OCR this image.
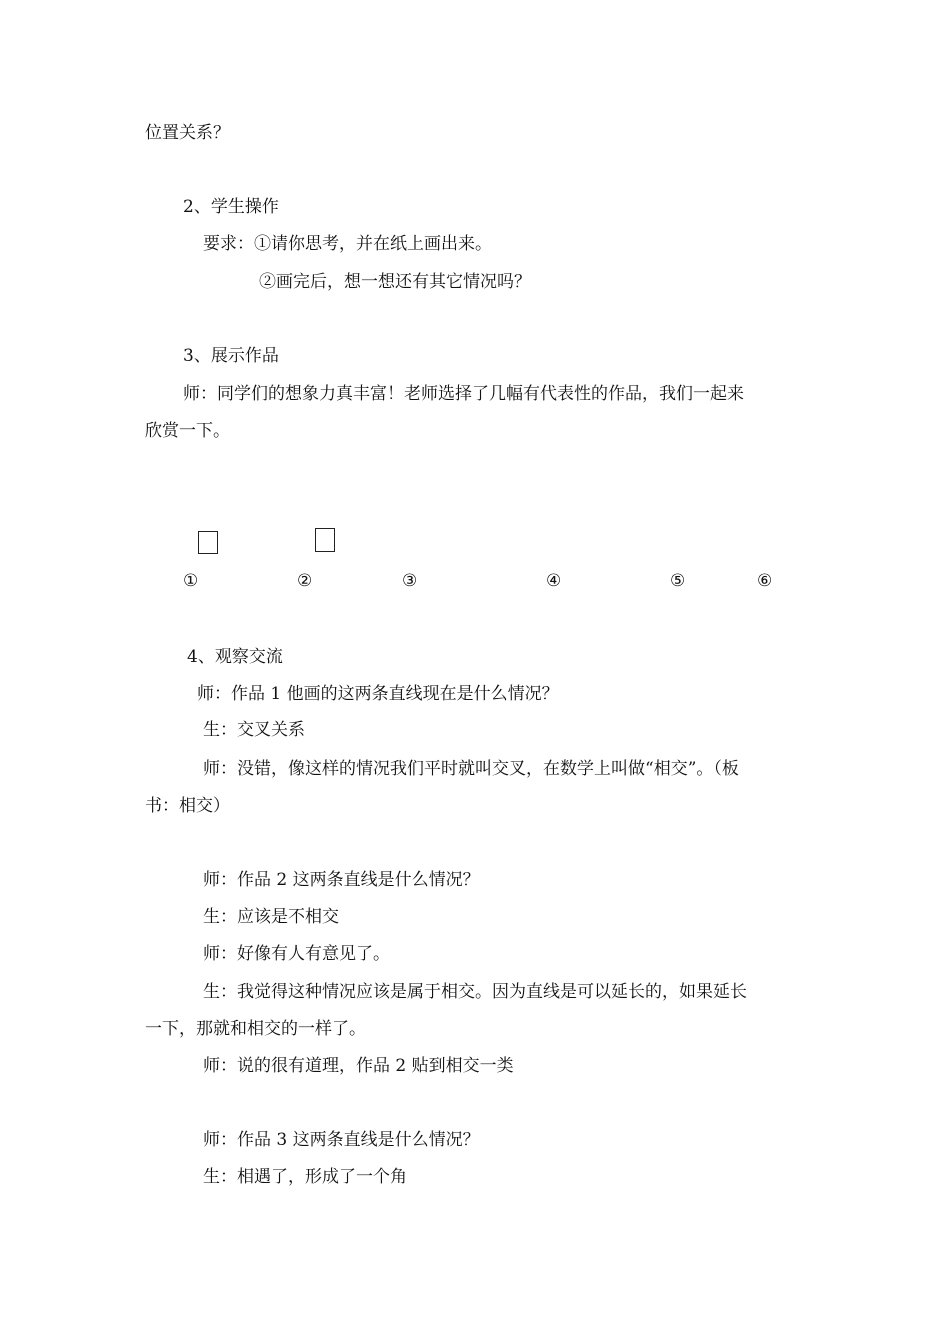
位置关系？
2、学生操作
要求：①请你思考，并在纸上画出来。
②画完后，想一想还有其它情况吗？
3、展示作品
师：同学们的想象力真丰富！老师选择了几幅有代表性的作品，我们一起来
欣赏一下。
①	②	③	④	⑤	⑥
4、观察交流
师：作品 1 他画的这两条直线现在是什么情况？
生：交叉关系
师：没错，像这样的情况我们平时就叫交叉，在数学上叫做“相交”。（板
书：相交）
师：作品 2 这两条直线是什么情况？
生：应该是不相交
师：好像有人有意见了。
生：我觉得这种情况应该是属于相交。因为直线是可以延长的，如果延长
一下，那就和相交的一样了。
师：说的很有道理，作品 2 贴到相交一类
师：作品 3 这两条直线是什么情况？
生：相遇了，形成了一个角
